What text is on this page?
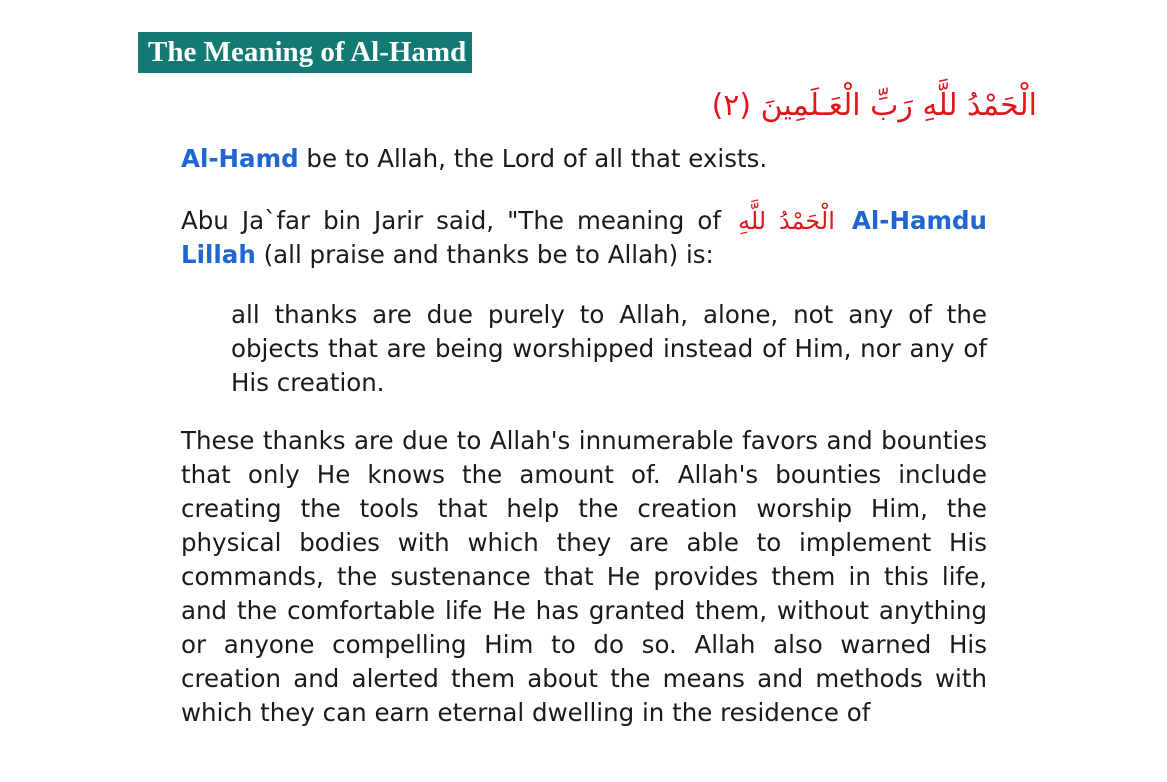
The Meaning of Al-Hamd
الْحَمْدُ للَّهِ رَبِّ الْعَـلَمِينَ (٢)

Al-Hamd be to Allah, the Lord of all that exists.

Abu Ja`far bin Jarir said, "The meaning of الْحَمْدُ للَّهِ Al-Hamdu Lillah (all praise and thanks be to Allah) is:

all thanks are due purely to Allah, alone, not any of the objects that are being worshipped instead of Him, nor any of His creation.

These thanks are due to Allah's innumerable favors and bounties that only He knows the amount of. Allah's bounties include creating the tools that help the creation worship Him, the physical bodies with which they are able to implement His commands, the sustenance that He provides them in this life, and the comfortable life He has granted them, without anything or anyone compelling Him to do so. Allah also warned His creation and alerted them about the means and methods with which they can earn eternal dwelling in the residence of
